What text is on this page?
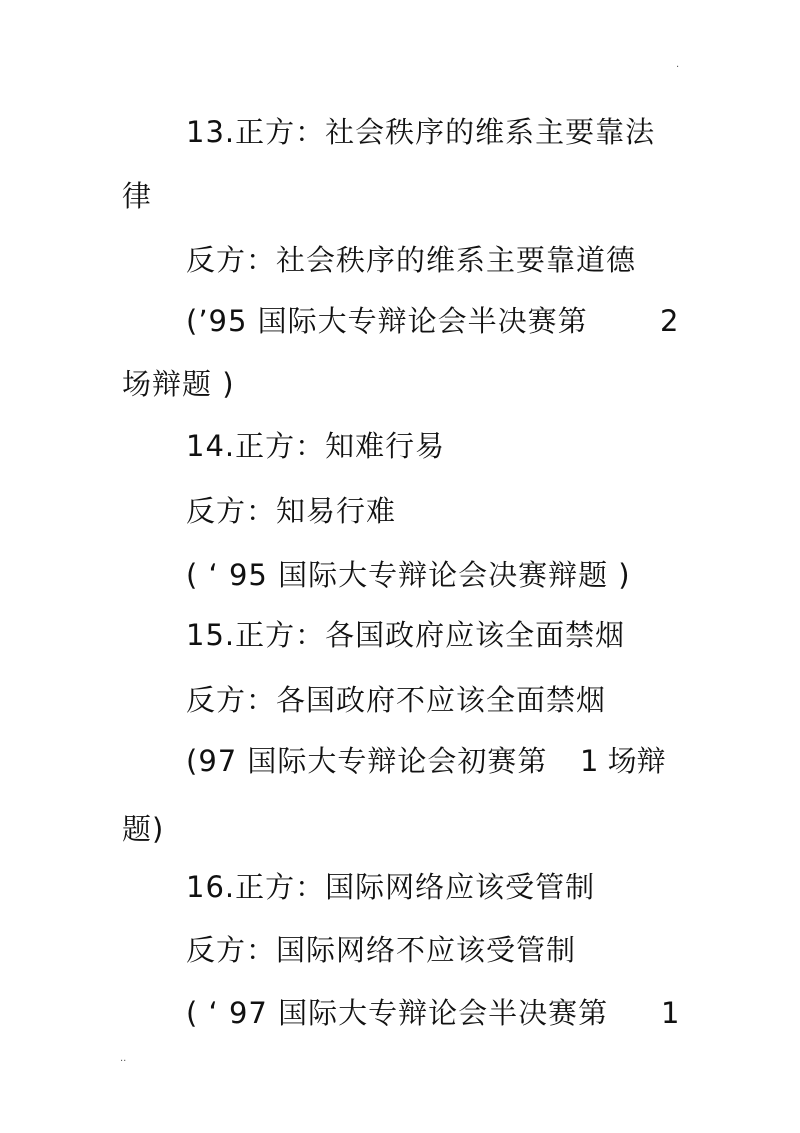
·
13.正方：社会秩序的维系主要靠法
律
反方：社会秩序的维系主要靠道德
(’95 国际大专辩论会半决赛第 2
场辩题 )
14.正方：知难行易
反方：知易行难
( ‘ 95 国际大专辩论会决赛辩题 )
15.正方：各国政府应该全面禁烟
反方：各国政府不应该全面禁烟
(97 国际大专辩论会初赛第 1 场辩
题)
16.正方：国际网络应该受管制
反方：国际网络不应该受管制
( ‘ 97 国际大专辩论会半决赛第 1
··
